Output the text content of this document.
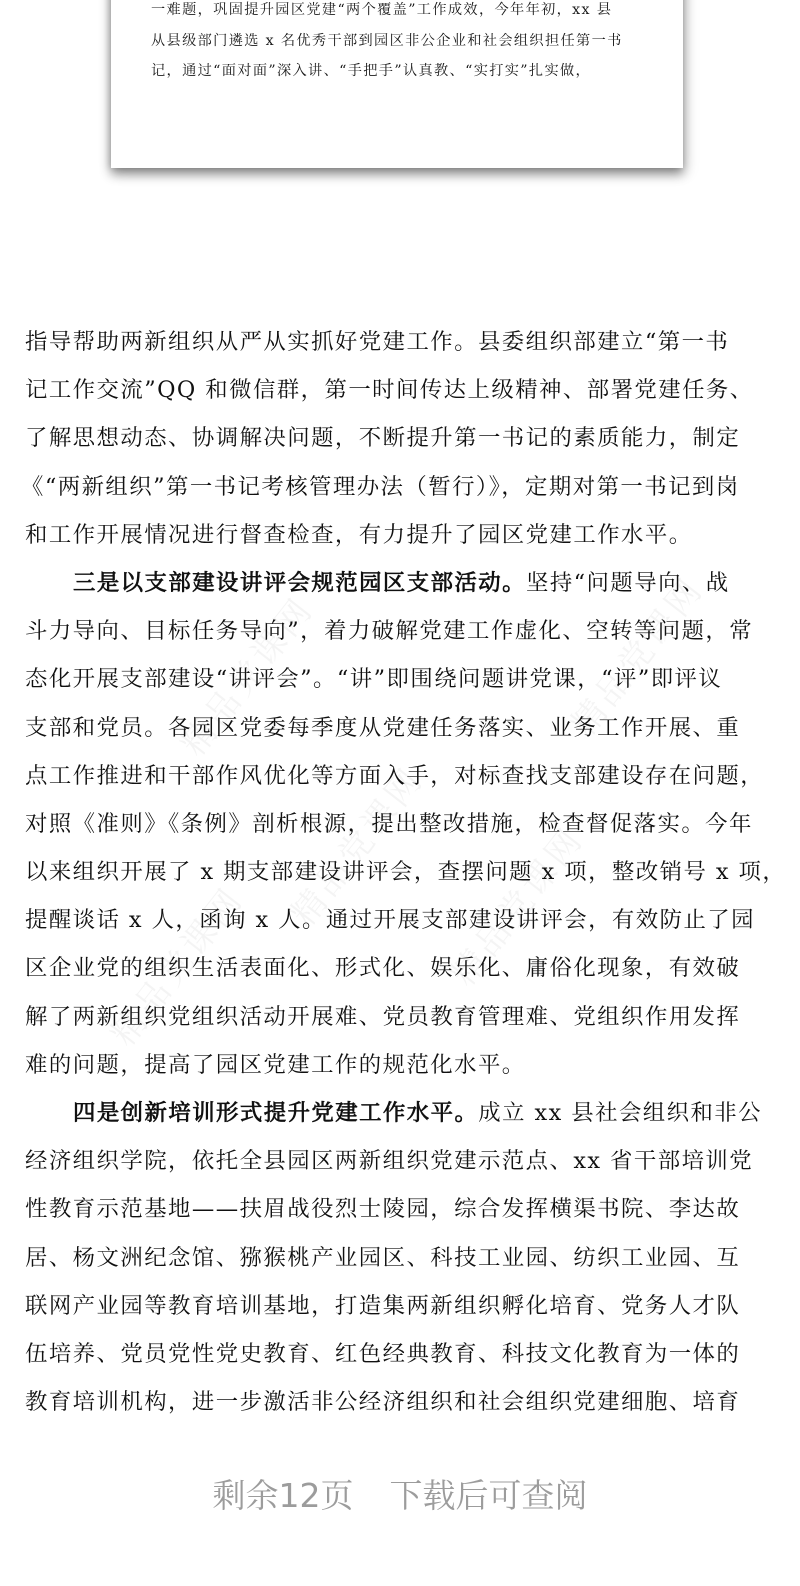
一难题，巩固提升园区党建“两个覆盖”工作成效，今年年初，xx 县
从县级部门遴选 x 名优秀干部到园区非公企业和社会组织担任第一书
记，通过“面对面”深入讲、“手把手”认真教、“实打实”扎实做，
指导帮助两新组织从严从实抓好党建工作。县委组织部建立“第一书
记工作交流”QQ 和微信群，第一时间传达上级精神、部署党建任务、
了解思想动态、协调解决问题，不断提升第一书记的素质能力，制定
《“两新组织”第一书记考核管理办法（暂行）》，定期对第一书记到岗
和工作开展情况进行督查检查，有力提升了园区党建工作水平。
三是以支部建设讲评会规范园区支部活动。坚持“问题导向、战
斗力导向、目标任务导向”，着力破解党建工作虚化、空转等问题，常
态化开展支部建设“讲评会”。“讲”即围绕问题讲党课，“评”即评议
支部和党员。各园区党委每季度从党建任务落实、业务工作开展、重
点工作推进和干部作风优化等方面入手，对标查找支部建设存在问题，
对照《准则》《条例》剖析根源，提出整改措施，检查督促落实。今年
以来组织开展了 x 期支部建设讲评会，查摆问题 x 项，整改销号 x 项，
提醒谈话 x 人，函询 x 人。通过开展支部建设讲评会，有效防止了园
区企业党的组织生活表面化、形式化、娱乐化、庸俗化现象，有效破
解了两新组织党组织活动开展难、党员教育管理难、党组织作用发挥
难的问题，提高了园区党建工作的规范化水平。
四是创新培训形式提升党建工作水平。成立 xx 县社会组织和非公
经济组织学院，依托全县园区两新组织党建示范点、xx 省干部培训党
性教育示范基地——扶眉战役烈士陵园，综合发挥横渠书院、李达故
居、杨文洲纪念馆、猕猴桃产业园区、科技工业园、纺织工业园、互
联网产业园等教育培训基地，打造集两新组织孵化培育、党务人才队
伍培养、党员党性党史教育、红色经典教育、科技文化教育为一体的
教育培训机构，进一步激活非公经济组织和社会组织党建细胞、培育
剩余12页 下载后可查阅
